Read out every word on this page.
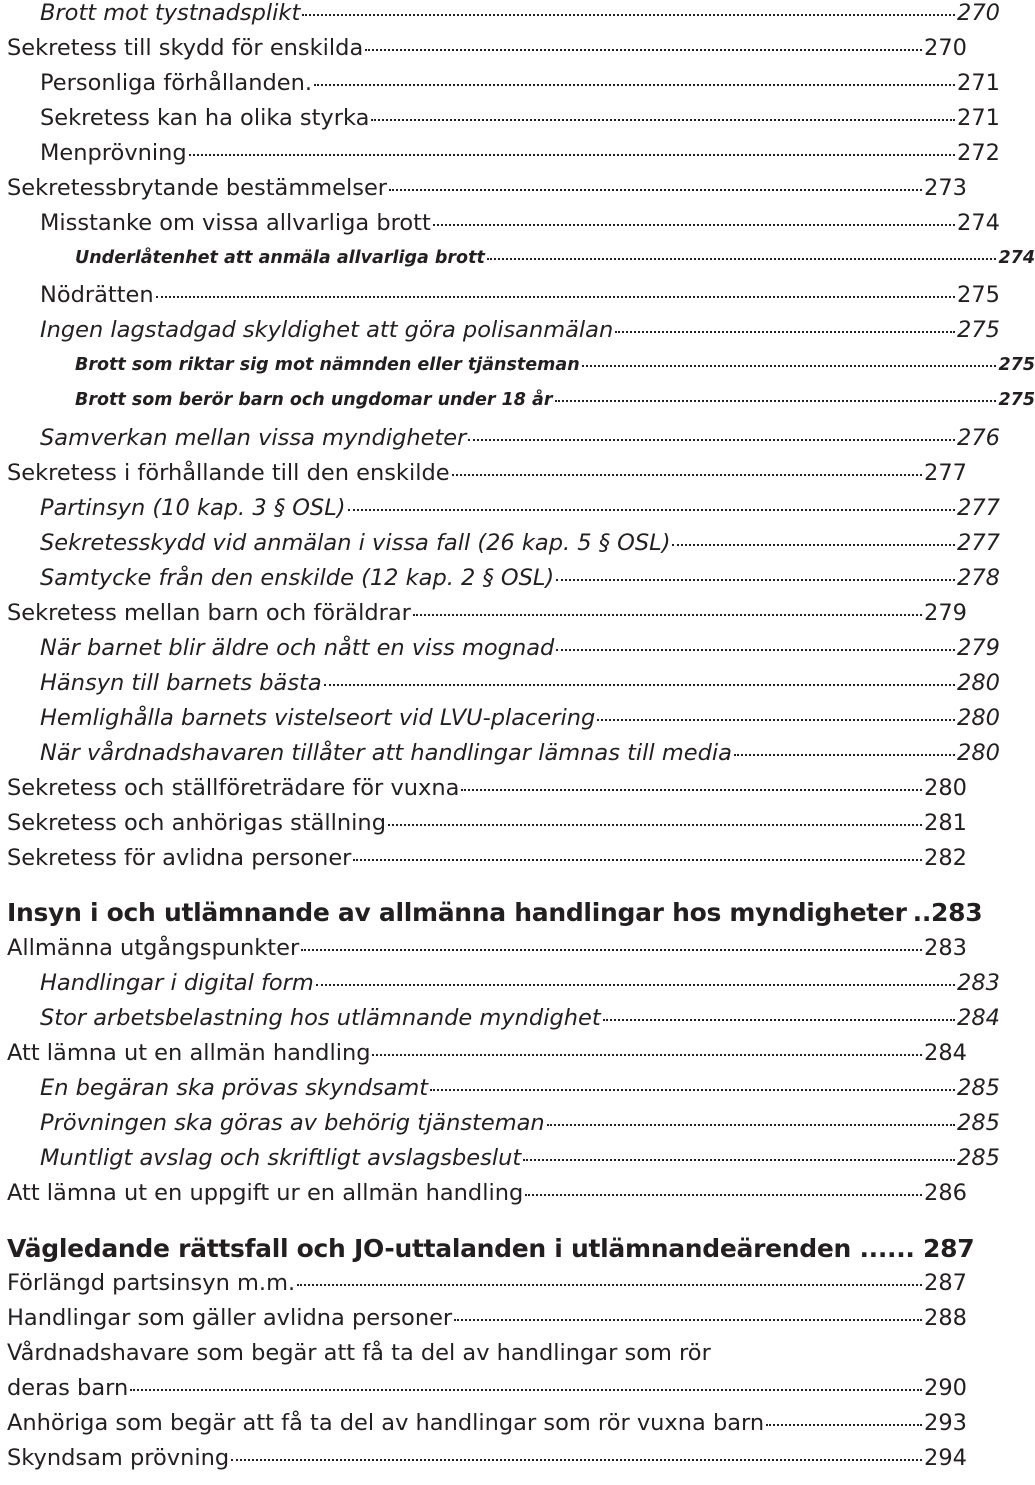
Brott mot tystnadsplikt	270
Sekretess till skydd för enskilda	270
Personliga förhållanden.	271
Sekretess kan ha olika styrka	271
Menprövning	272
Sekretessbrytande bestämmelser	273
Misstanke om vissa allvarliga brott	274
Underlåtenhet att anmäla allvarliga brott	274
Nödrätten	275
Ingen lagstadgad skyldighet att göra polisanmälan	275
Brott som riktar sig mot nämnden eller tjänsteman	275
Brott som berör barn och ungdomar under 18 år	275
Samverkan mellan vissa myndigheter	276
Sekretess i förhållande till den enskilde	277
Partinsyn (10 kap. 3 § OSL)	277
Sekretesskydd vid anmälan i vissa fall (26 kap. 5 § OSL)	277
Samtycke från den enskilde (12 kap. 2 § OSL)	278
Sekretess mellan barn och föräldrar	279
När barnet blir äldre och nått en viss mognad	279
Hänsyn till barnets bästa	280
Hemlighålla barnets vistelseort vid LVU-placering	280
När vårdnadshavaren tillåter att handlingar lämnas till media	280
Sekretess och ställföreträdare för vuxna	280
Sekretess och anhörigas ställning	281
Sekretess för avlidna personer	282
Insyn i och utlämnande av allmänna handlingar hos myndigheter ..283
Allmänna utgångspunkter	283
Handlingar i digital form	283
Stor arbetsbelastning hos utlämnande myndighet	284
Att lämna ut en allmän handling	284
En begäran ska prövas skyndsamt	285
Prövningen ska göras av behörig tjänsteman	285
Muntligt avslag och skriftligt avslagsbeslut	285
Att lämna ut en uppgift ur en allmän handling	286
Vägledande rättsfall och JO-uttalanden i utlämnandeärenden ...... 287
Förlängd partsinsyn m.m.	287
Handlingar som gäller avlidna personer	288
Vårdnadshavare som begär att få ta del av handlingar som rör
deras barn	290
Anhöriga som begär att få ta del av handlingar som rör vuxna barn	293
Skyndsam prövning	294
